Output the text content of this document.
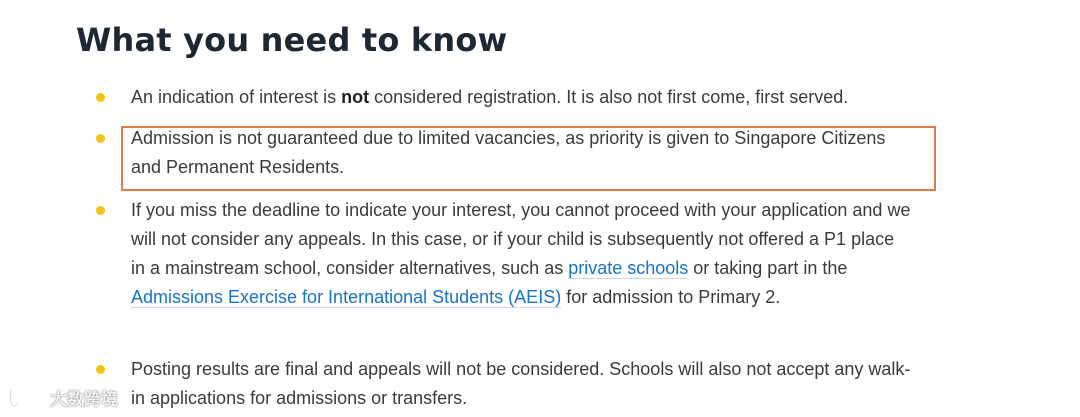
What you need to know
An indication of interest is not considered registration. It is also not first come, first served.
Admission is not guaranteed due to limited vacancies, as priority is given to Singapore Citizens and Permanent Residents.
If you miss the deadline to indicate your interest, you cannot proceed with your application and we will not consider any appeals. In this case, or if your child is subsequently not offered a P1 place in a mainstream school, consider alternatives, such as private schools or taking part in the Admissions Exercise for International Students (AEIS) for admission to Primary 2.
Posting results are final and appeals will not be considered. Schools will also not accept any walk-in applications for admissions or transfers.
大数跨境
